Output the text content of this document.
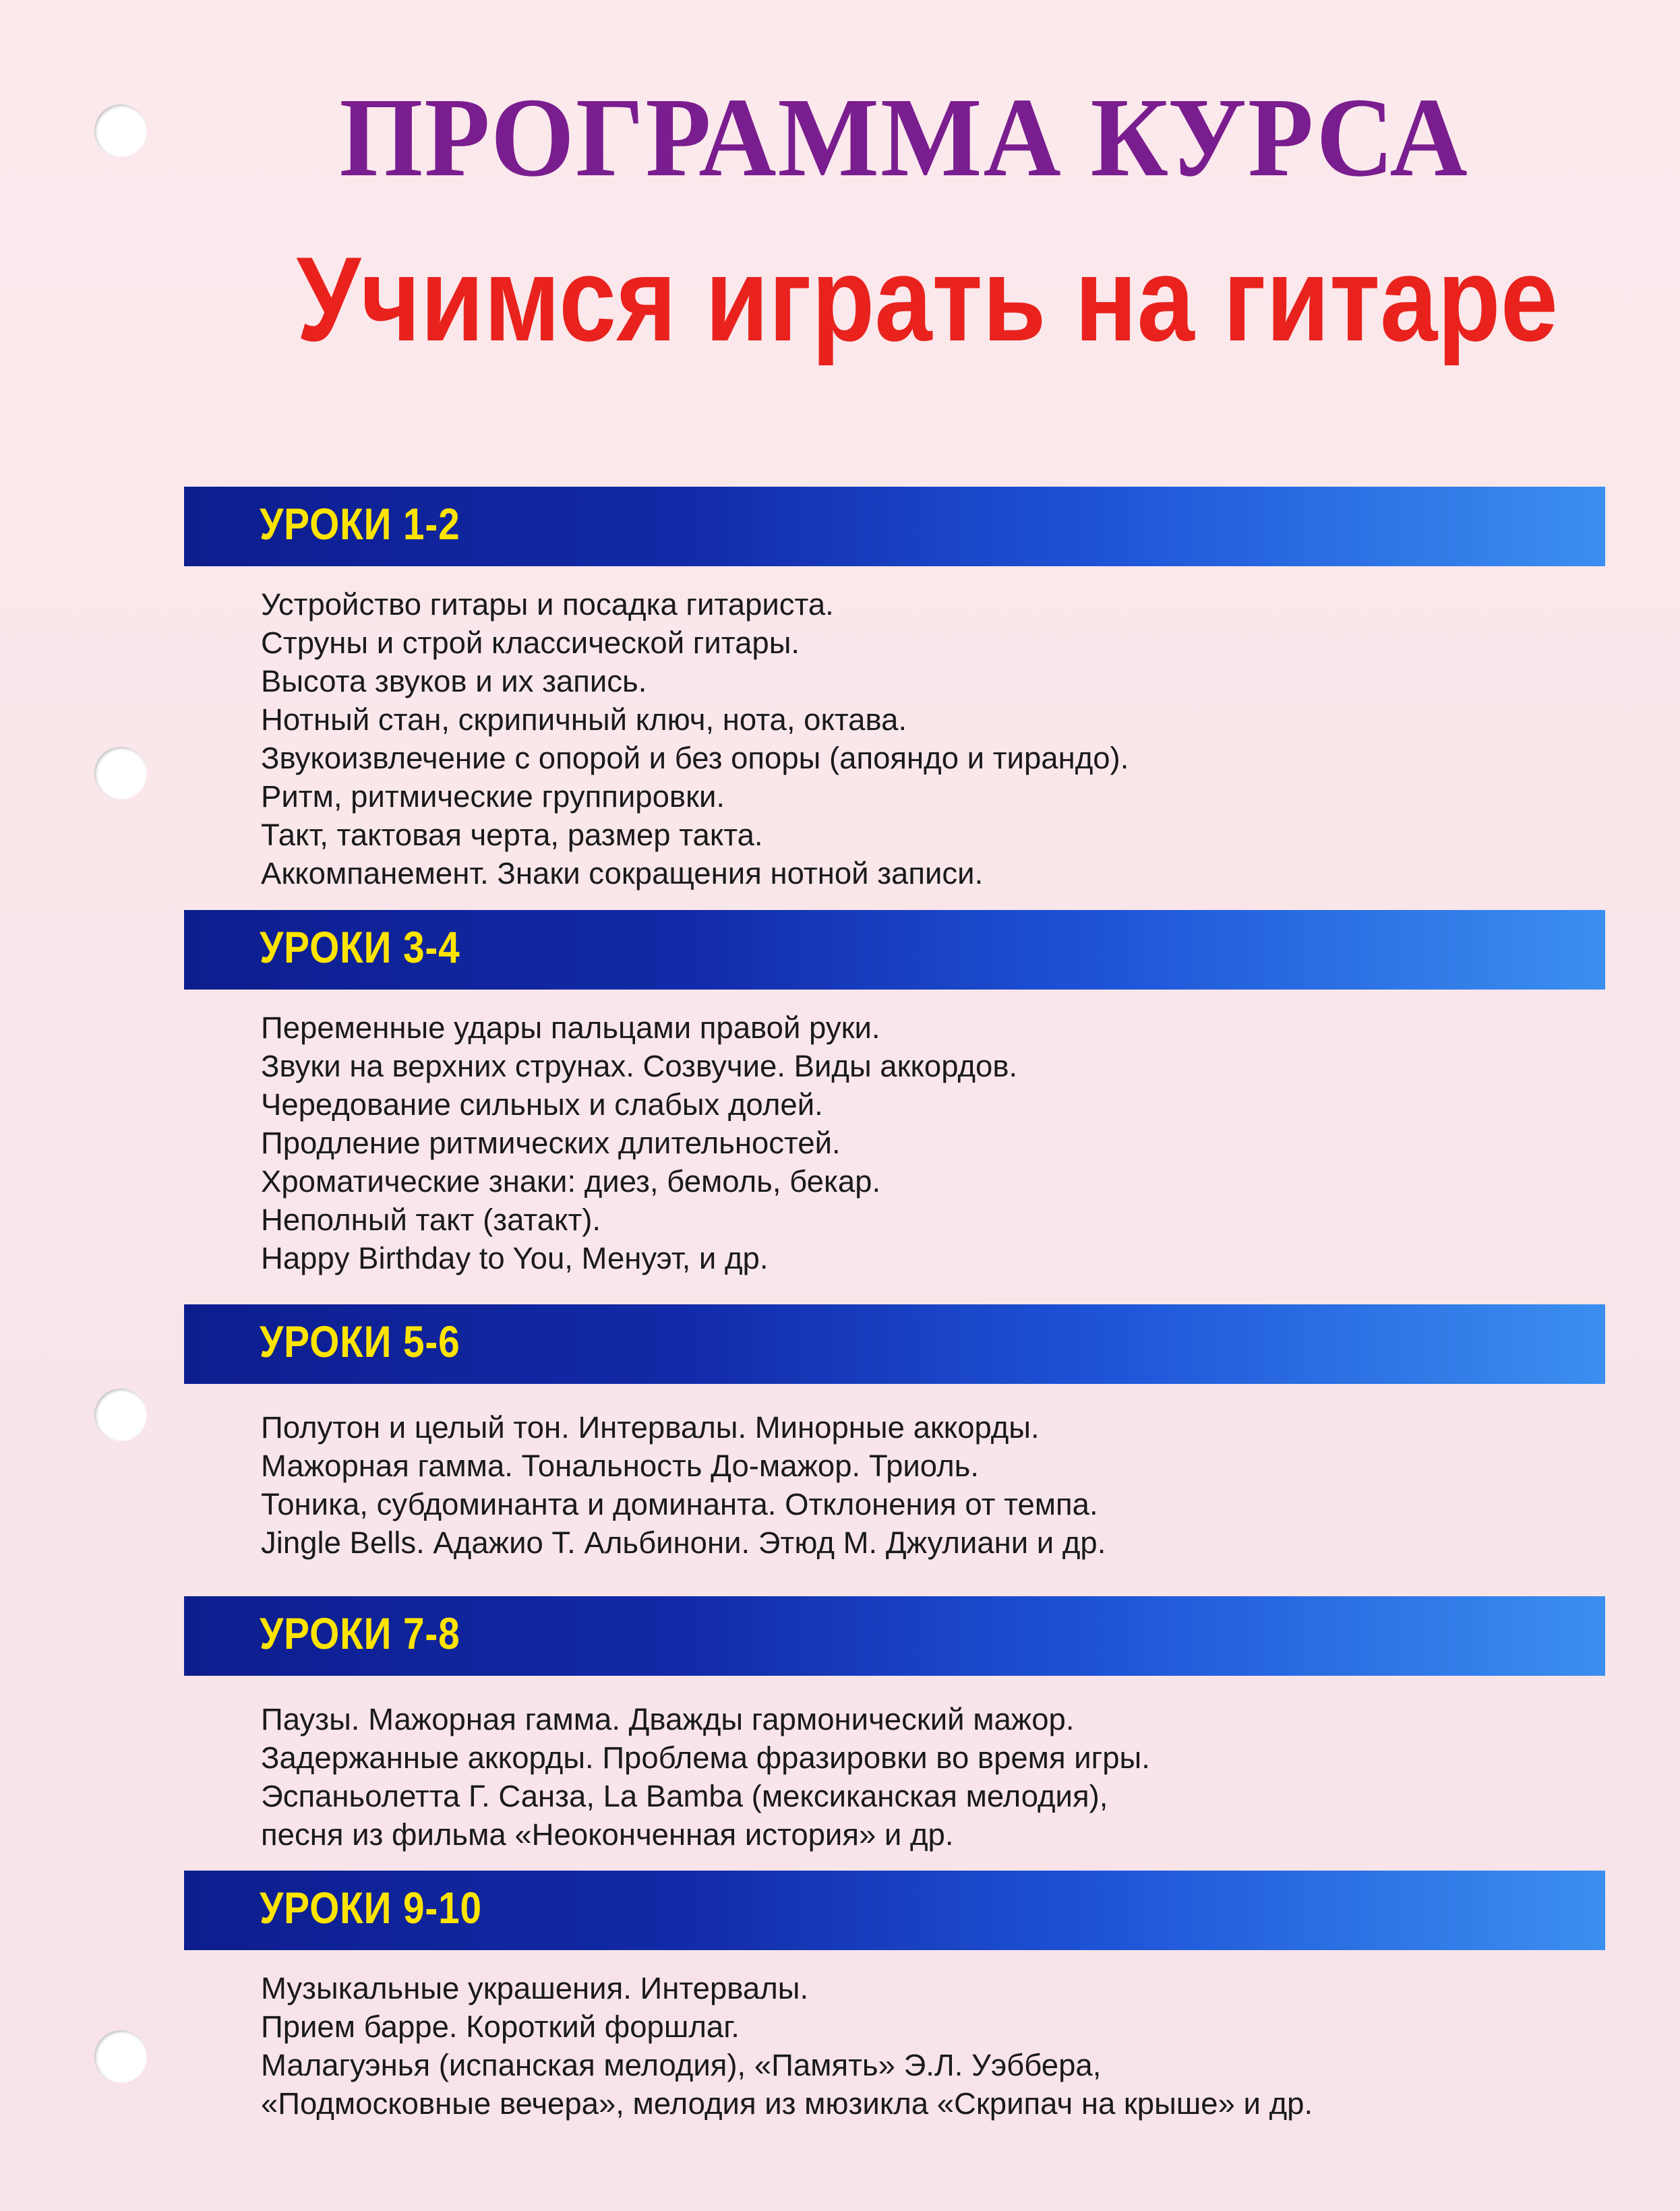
ПРОГРАММА КУРСА
Учимся играть на гитаре
УРОКИ 1-2
Устройство гитары и посадка гитариста.
Струны и строй классической гитары.
Высота звуков и их запись.
Нотный стан, скрипичный ключ, нота, октава.
Звукоизвлечение с опорой и без опоры (апояндо и тирандо).
Ритм, ритмические группировки.
Такт, тактовая черта, размер такта.
Аккомпанемент. Знаки сокращения нотной записи.
УРОКИ 3-4
Переменные удары пальцами правой руки.
Звуки на верхних струнах. Созвучие. Виды аккордов.
Чередование сильных и слабых долей.
Продление ритмических длительностей.
Хроматические знаки: диез, бемоль, бекар.
Неполный такт (затакт).
Happy Birthday to You, Менуэт, и др.
УРОКИ 5-6
Полутон и целый тон. Интервалы. Минорные аккорды.
Мажорная гамма. Тональность До-мажор. Триоль.
Тоника, субдоминанта и доминанта. Отклонения от темпа.
Jingle Bells. Адажио Т. Альбинони. Этюд М. Джулиани и др.
УРОКИ 7-8
Паузы. Мажорная гамма. Дважды гармонический мажор.
Задержанные аккорды. Проблема фразировки во время игры.
Эспаньолетта Г. Санза, La Bamba (мексиканская мелодия),
песня из фильма «Неоконченная история» и др.
УРОКИ 9-10
Музыкальные украшения. Интервалы.
Прием барре. Короткий форшлаг.
Малагуэнья (испанская мелодия), «Память» Э.Л. Уэббера,
«Подмосковные вечера», мелодия из мюзикла «Скрипач на крыше» и др.
